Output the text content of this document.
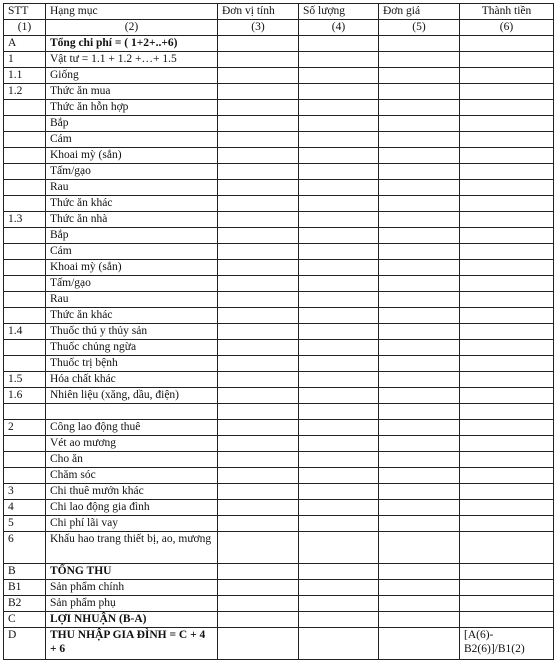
STT	Hạng mục	Đơn vị tính	Số lượng	Đơn giá	Thành tiền
(1)	(2)	(3)	(4)	(5)	(6)
A	Tổng chi phí = ( 1+2+..+6)				
1	Vật tư = 1.1 + 1.2 +…+ 1.5				
1.1	Giống				
1.2	Thức ăn mua				
	Thức ăn hỗn hợp				
	Bắp				
	Cám				
	Khoai mỳ (sắn)				
	Tấm/gạo				
	Rau				
	Thức ăn khác				
1.3	Thức ăn nhà				
	Bắp				
	Cám				
	Khoai mỳ (sắn)				
	Tấm/gạo				
	Rau				
	Thức ăn khác				
1.4	Thuốc thú y thủy sản				
	Thuốc chủng ngừa				
	Thuốc trị bệnh				
1.5	Hóa chất khác				
1.6	Nhiên liệu (xăng, dầu, điện)				

2	Công lao động thuê				
	Vét ao mương				
	Cho ăn				
	Chăm sóc				
3	Chi thuê mướn khác				
4	Chi lao động gia đình				
5	Chi phí lãi vay				
6	Khấu hao trang thiết bị, ao, mương				
B	TỔNG THU				
B1	Sản phẩm chính				
B2	Sản phẩm phụ				
C	LỢI NHUẬN (B-A)				
D	THU NHẬP GIA ĐÌNH = C + 4 + 6				[A(6)-B2(6)]/B1(2)
